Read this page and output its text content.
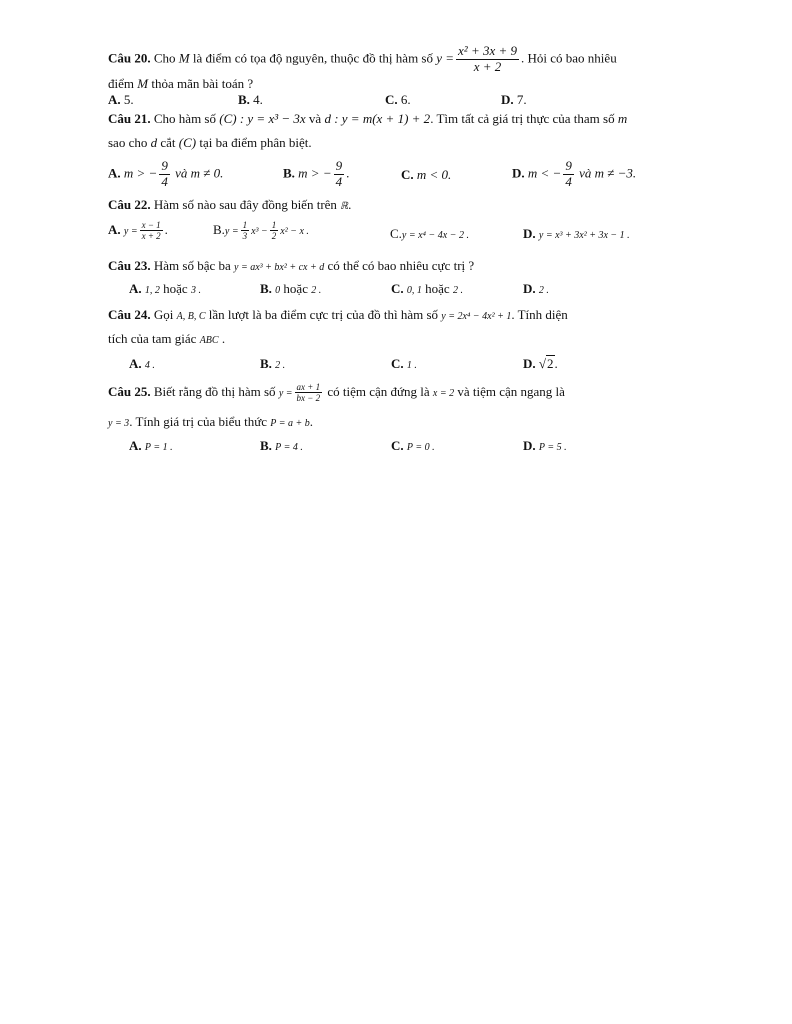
Câu 20. Cho M là điểm có tọa độ nguyên, thuộc đồ thị hàm số $y = \frac{\text{x² + 3x + 9}}{x + 2}$ . Hỏi có bao nhiêu
điểm M thỏa mãn bài toán ?
A. 5.	B. 4.	C. 6.	D. 7.
Câu 21. Cho hàm số (C) : y = x³ − 3x và d : y = m(x + 1) + 2. Tìm tất cả giá trị thực của tham số m
sao cho d cắt (C) tại ba điểm phân biệt.
A. m > − $\frac{9}{4}$ và m ≠ 0.	B. m > − $\frac{9}{4}$ .	C. m < 0.	D. m < − $\frac{9}{4}$ và m ≠ −3.
Câu 22. Hàm số nào sau đây đồng biến trên ℝ.
A. $y = \frac{x - 1}{x + 2}$ .	$B.y = \frac{1}{3} x^3 - \frac{1}{2} x^2 - x$ .	C.y = x⁴ − 4x − 2 .	D. y = x³ + 3x² + 3x − 1 .
Câu 23. Hàm số bậc ba y = ax³ + bx² + cx + d có thể có bao nhiêu cực trị ?
A. 1, 2 hoặc 3 .	B. 0 hoặc 2 .	C. 0, 1 hoặc 2 .	D. 2 .
Câu 24. Gọi A, B, C lần lượt là ba điểm cực trị của đồ thì hàm số y = 2x⁴ − 4x² + 1. Tính diện
tích của tam giác ABC .
A. 4 .	B. 2 .	C. 1 .	D. √2.
Câu 25. Biết rằng đồ thị hàm số $y = \frac{ax + 1}{bx - 2}$ có tiệm cận đứng là x = 2 và tiệm cận ngang là
y = 3. Tính giá trị của biểu thức P = a + b.
A. P = 1 .	B. P = 4 .	C. P = 0 .	D. P = 5 .
